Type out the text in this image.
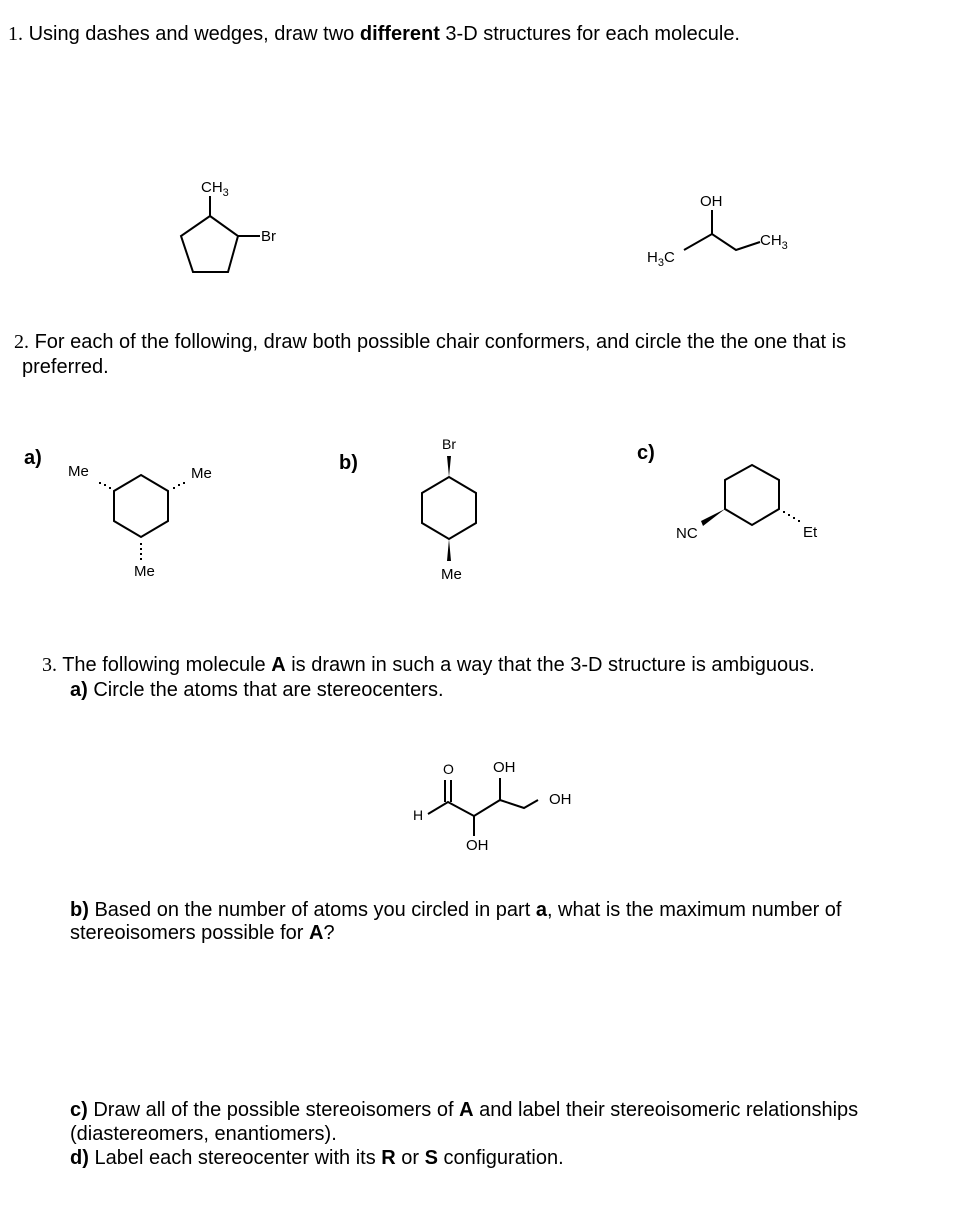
1. Using dashes and wedges, draw two different 3-D structures for each molecule.
$CH_3$
Br
OH
$H_3C$
$CH_3$
Me	Me
Me
Br
Me
NC	Et
O
H
OH
OH
OH
2. For each of the following, draw both possible chair conformers, and circle the the one that is
preferred.
a)	b)	c)
3. The following molecule A is drawn in such a way that the 3-D structure is ambiguous.
a) Circle the atoms that are stereocenters.
b) Based on the number of atoms you circled in part a, what is the maximum number of
stereoisomers possible for A?
c) Draw all of the possible stereoisomers of A and label their stereoisomeric relationships
(diastereomers, enantiomers).
d) Label each stereocenter with its R or S configuration.
